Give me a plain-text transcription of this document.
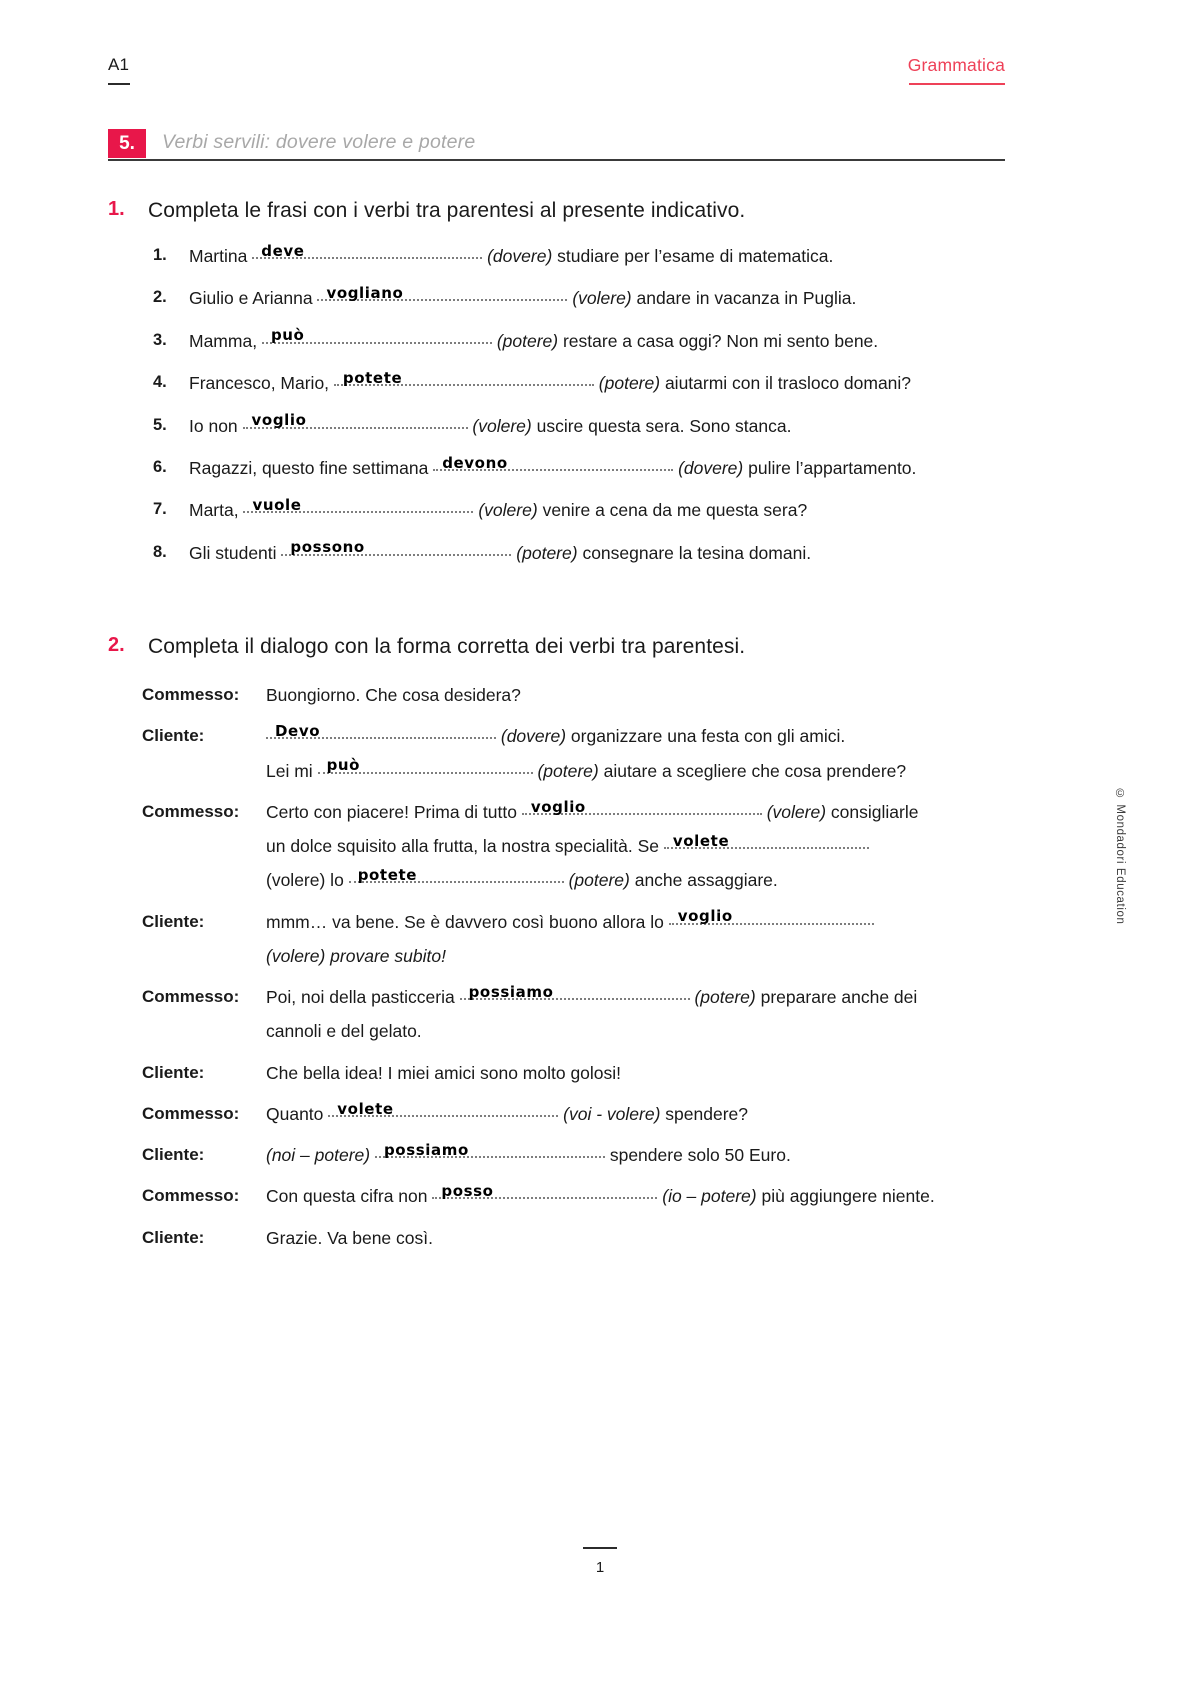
A1	Grammatica
5.	Verbi servili: dovere volere e potere
1. Completa le frasi con i verbi tra parentesi al presente indicativo.
1. Martina deve	(dovere) studiare per l’esame di matematica.
2. Giulio e Arianna vogliano	(volere) andare in vacanza in Puglia.
3. Mamma, può	(potere) restare a casa oggi? Non mi sento bene.
4. Francesco, Mario, potete	(potere) aiutarmi con il trasloco domani?
5. Io non voglio	(volere) uscire questa sera. Sono stanca.
6. Ragazzi, questo fine settimana devono	(dovere) pulire l’appartamento.
7. Marta, vuole	(volere) venire a cena da me questa sera?
8. Gli studenti possono	(potere) consegnare la tesina domani.
2. Completa il dialogo con la forma corretta dei verbi tra parentesi.
Commesso: Buongiorno. Che cosa desidera?
Cliente:	Devo	(dovere) organizzare una festa con gli amici.
Lei mi può	(potere) aiutare a scegliere che cosa prendere?
Commesso: Certo con piacere! Prima di tutto voglio	(volere) consigliarle
un dolce squisito alla frutta, la nostra specialità. Se volete
(volere) lo potete	(potere) anche assaggiare.
Cliente:	mmm… va bene. Se è davvero così buono allora lo voglio
(volere) provare subito!
Commesso: Poi, noi della pasticceria possiamo	(potere) preparare anche dei
cannoli e del gelato.
Cliente:	Che bella idea! I miei amici sono molto golosi!
Commesso: Quanto volete	(voi - volere) spendere?
Cliente:	(noi – potere) possiamo	spendere solo 50 Euro.
Commesso: Con questa cifra non posso	(io – potere) più aggiungere niente.
Cliente:	Grazie. Va bene così.
© Mondadori Education
1
